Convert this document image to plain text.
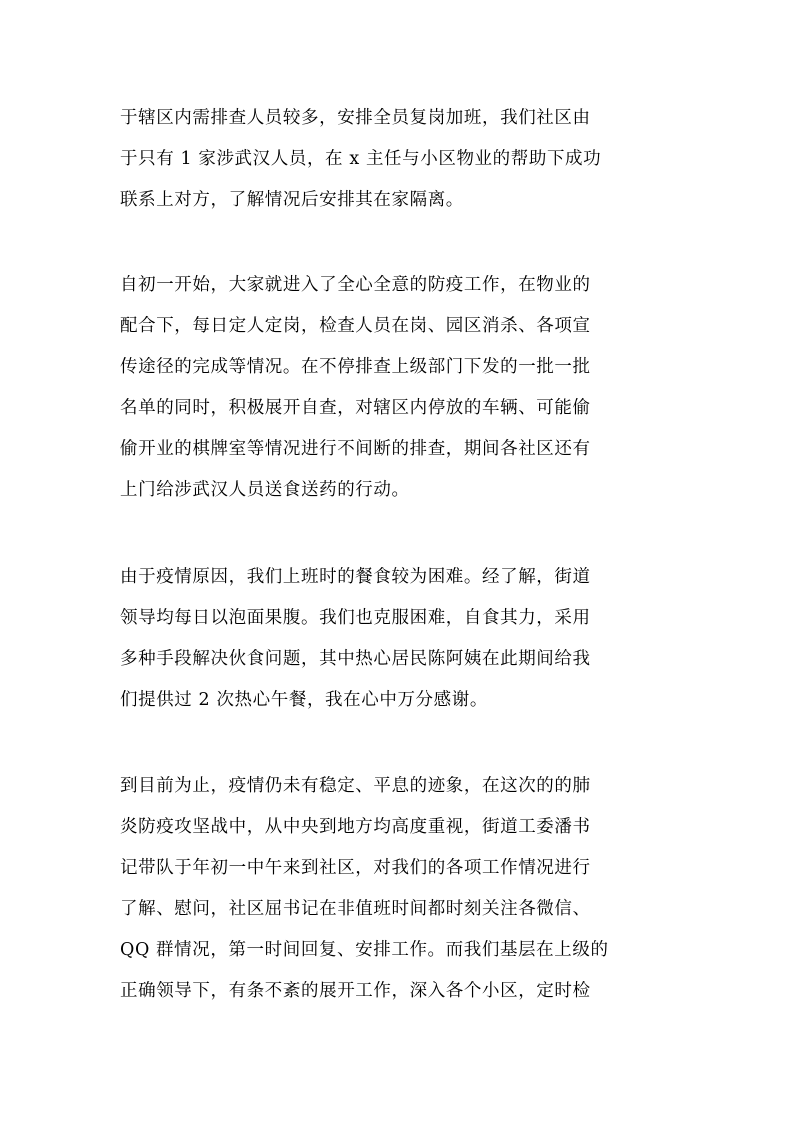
于辖区内需排查人员较多，安排全员复岗加班，我们社区由
于只有 1 家涉武汉人员，在 x 主任与小区物业的帮助下成功
联系上对方，了解情况后安排其在家隔离。
自初一开始，大家就进入了全心全意的防疫工作，在物业的
配合下，每日定人定岗，检查人员在岗、园区消杀、各项宣
传途径的完成等情况。在不停排查上级部门下发的一批一批
名单的同时，积极展开自查，对辖区内停放的车辆、可能偷
偷开业的棋牌室等情况进行不间断的排查，期间各社区还有
上门给涉武汉人员送食送药的行动。
由于疫情原因，我们上班时的餐食较为困难。经了解，街道
领导均每日以泡面果腹。我们也克服困难，自食其力，采用
多种手段解决伙食问题，其中热心居民陈阿姨在此期间给我
们提供过 2 次热心午餐，我在心中万分感谢。
到目前为止，疫情仍未有稳定、平息的迹象，在这次的的肺
炎防疫攻坚战中，从中央到地方均高度重视，街道工委潘书
记带队于年初一中午来到社区，对我们的各项工作情况进行
了解、慰问，社区屈书记在非值班时间都时刻关注各微信、
QQ 群情况，第一时间回复、安排工作。而我们基层在上级的
正确领导下，有条不紊的展开工作，深入各个小区，定时检
